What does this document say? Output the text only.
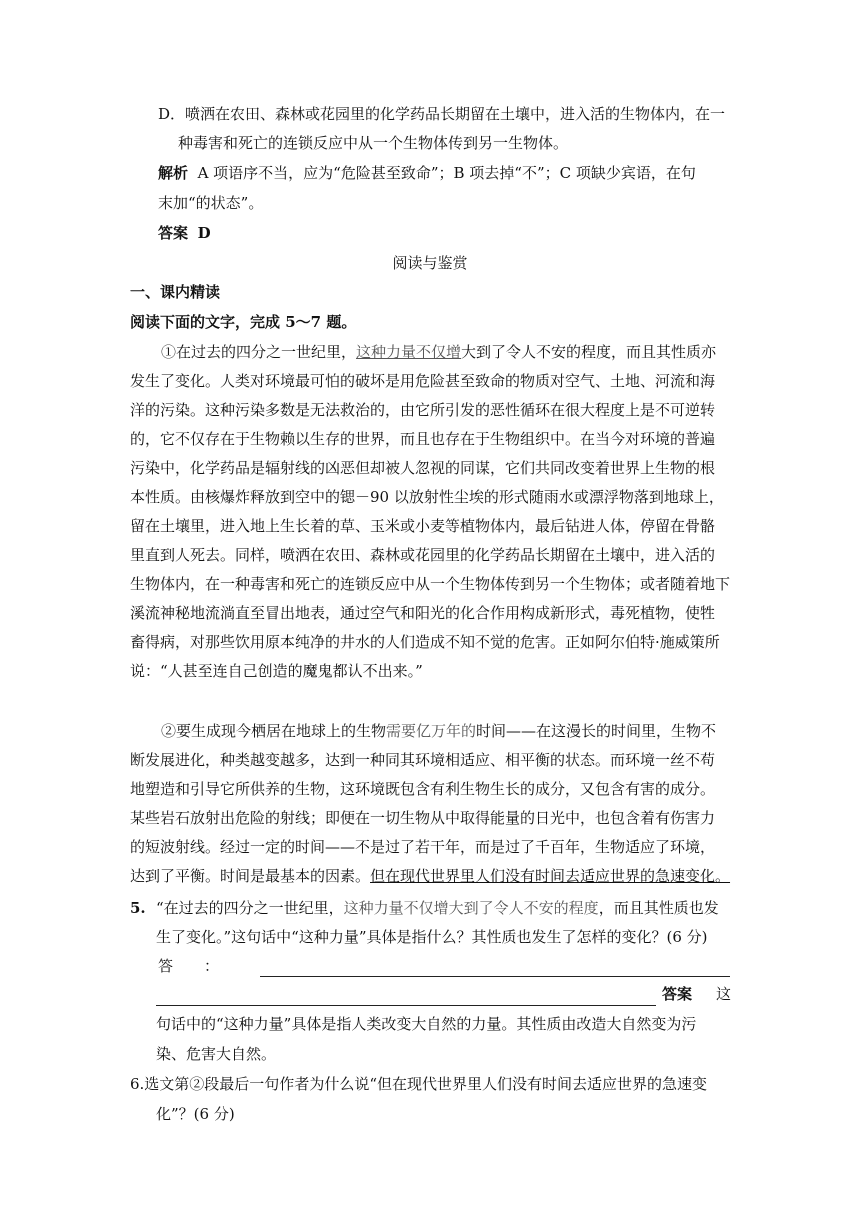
D．喷洒在农田、森林或花园里的化学药品长期留在土壤中，进入活的生物体内，在一
种毒害和死亡的连锁反应中从一个生物体传到另一生物体。
解析 A 项语序不当，应为“危险甚至致命”；B 项去掉“不”；C 项缺少宾语，在句
末加“的状态”。
答案 D
阅读与鉴赏
一、课内精读
阅读下面的文字，完成 5～7 题。
①在过去的四分之一世纪里，这种力量不仅增大到了令人不安的程度，而且其性质亦
发生了变化。人类对环境最可怕的破坏是用危险甚至致命的物质对空气、土地、河流和海
洋的污染。这种污染多数是无法救治的，由它所引发的恶性循环在很大程度上是不可逆转
的，它不仅存在于生物赖以生存的世界，而且也存在于生物组织中。在当今对环境的普遍
污染中，化学药品是辐射线的凶恶但却被人忽视的同谋，它们共同改变着世界上生物的根
本性质。由核爆炸释放到空中的锶－90 以放射性尘埃的形式随雨水或漂浮物落到地球上，
留在土壤里，进入地上生长着的草、玉米或小麦等植物体内，最后钻进人体，停留在骨骼
里直到人死去。同样，喷洒在农田、森林或花园里的化学药品长期留在土壤中，进入活的
生物体内，在一种毒害和死亡的连锁反应中从一个生物体传到另一个生物体；或者随着地下
溪流神秘地流淌直至冒出地表，通过空气和阳光的化合作用构成新形式，毒死植物，使牲
畜得病，对那些饮用原本纯净的井水的人们造成不知不觉的危害。正如阿尔伯特·施威策所
说：“人甚至连自己创造的魔鬼都认不出来。”
②要生成现今栖居在地球上的生物需要亿万年的时间——在这漫长的时间里，生物不
断发展进化，种类越变越多，达到一种同其环境相适应、相平衡的状态。而环境一丝不苟
地塑造和引导它所供养的生物，这环境既包含有利生物生长的成分，又包含有害的成分。
某些岩石放射出危险的射线；即便在一切生物从中取得能量的日光中，也包含着有伤害力
的短波射线。经过一定的时间——不是过了若干年，而是过了千百年，生物适应了环境，
达到了平衡。时间是最基本的因素。但在现代世界里人们没有时间去适应世界的急速变化。
5. “在过去的四分之一世纪里，这种力量不仅增大到了令人不安的程度，而且其性质也发
生了变化。”这句话中“这种力量”具体是指什么？其性质也发生了怎样的变化？(6 分)
答 ：
答案 这
句话中的“这种力量”具体是指人类改变大自然的力量。其性质由改造大自然变为污
染、危害大自然。
6.选文第②段最后一句作者为什么说“但在现代世界里人们没有时间去适应世界的急速变
化”？(6 分)
